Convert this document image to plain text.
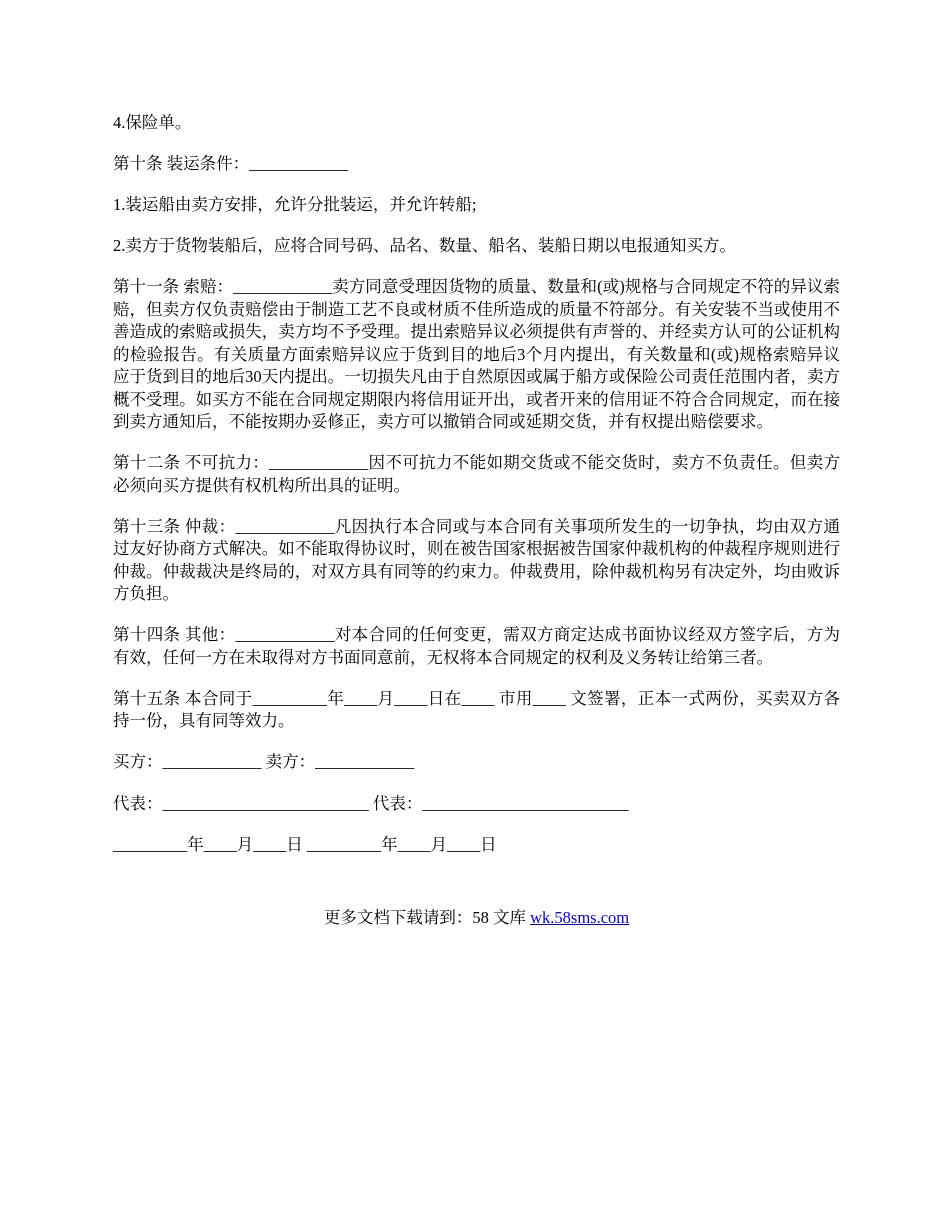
4.保险单。

第十条 装运条件：____________

1.装运船由卖方安排，允许分批装运，并允许转船;

2.卖方于货物装船后，应将合同号码、品名、数量、船名、装船日期以电报通知买方。

第十一条 索赔：____________卖方同意受理因货物的质量、数量和(或)规格与合同规定不符的异议索赔，但卖方仅负责赔偿由于制造工艺不良或材质不佳所造成的质量不符部分。有关安装不当或使用不善造成的索赔或损失，卖方均不予受理。提出索赔异议必须提供有声誉的、并经卖方认可的公证机构的检验报告。有关质量方面索赔异议应于货到目的地后3个月内提出，有关数量和(或)规格索赔异议应于货到目的地后30天内提出。一切损失凡由于自然原因或属于船方或保险公司责任范围内者，卖方概不受理。如买方不能在合同规定期限内将信用证开出，或者开来的信用证不符合合同规定，而在接到卖方通知后，不能按期办妥修正，卖方可以撤销合同或延期交货，并有权提出赔偿要求。

第十二条 不可抗力：____________因不可抗力不能如期交货或不能交货时，卖方不负责任。但卖方必须向买方提供有权机构所出具的证明。

第十三条 仲裁：____________凡因执行本合同或与本合同有关事项所发生的一切争执，均由双方通过友好协商方式解决。如不能取得协议时，则在被告国家根据被告国家仲裁机构的仲裁程序规则进行仲裁。仲裁裁决是终局的，对双方具有同等的约束力。仲裁费用，除仲裁机构另有决定外，均由败诉方负担。

第十四条 其他：____________对本合同的任何变更，需双方商定达成书面协议经双方签字后，方为有效，任何一方在未取得对方书面同意前，无权将本合同规定的权利及义务转让给第三者。

第十五条 本合同于_________年____月____日在____ 市用____ 文签署，正本一式两份，买卖双方各持一份，具有同等效力。

买方：____________ 卖方：____________
代表：_________________________ 代表：_________________________
_________年____月____日 _________年____月____日
更多文档下载请到：58 文库 wk.58sms.com
